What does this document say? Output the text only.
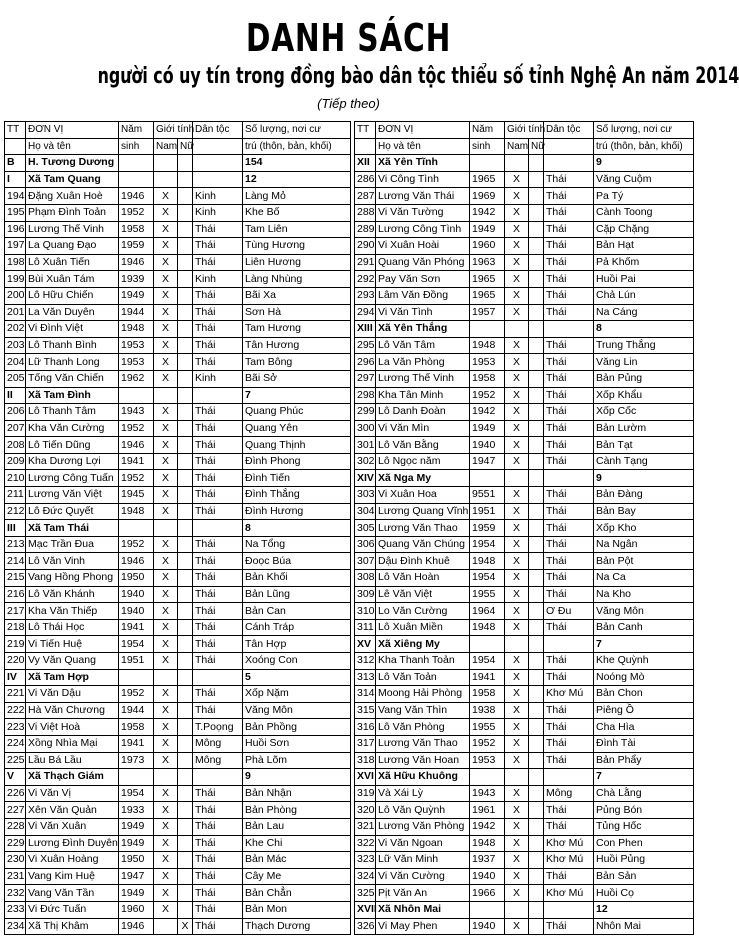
DANH SÁCH
người có uy tín trong đồng bào dân tộc thiểu số tỉnh Nghệ An năm 2014
(Tiếp theo)
TT	ĐƠN VỊ	Năm	Giới tính		Dân tộc	Số lượng, nơi cư
	Họ và tên	sinh	Nam	Nữ		trú (thôn, bản, khối)
B	H. Tương Dương					154
I	Xã Tam Quang					12
194	Đặng Xuân Hoè	1946	X		Kinh	Làng Mỏ
195	Phạm Đình Toản	1952	X		Kinh	Khe Bố
196	Lương Thế Vinh	1958	X		Thái	Tam Liên
197	La Quang Đạo	1959	X		Thái	Tùng Hương
198	Lô Xuân Tiến	1946	X		Thái	Liên Hương
199	Bùi Xuân Tám	1939	X		Kinh	Làng Nhùng
200	Lô Hữu Chiến	1949	X		Thái	Bãi Xa
201	La Văn Duyên	1944	X		Thái	Sơn Hà
202	Vi Đình Việt	1948	X		Thái	Tam Hương
203	Lô Thanh Bình	1953	X		Thái	Tân Hương
204	Lữ Thanh Long	1953	X		Thái	Tam Bông
205	Tống Văn Chiến	1962	X		Kinh	Bãi Sở
II	Xã Tam Đình					7
206	Lô Thanh Tâm	1943	X		Thái	Quang Phúc
207	Kha Văn Cường	1952	X		Thái	Quang Yên
208	Lô Tiến Dũng	1946	X		Thái	Quang Thịnh
209	Kha Dương Lợi	1941	X		Thái	Đình Phong
210	Lương Công Tuấn	1952	X		Thái	Đình Tiến
211	Lương Văn Việt	1945	X		Thái	Đình Thắng
212	Lô Đức Quyết	1948	X		Thái	Đình Hương
III	Xã Tam Thái					8
213	Mạc Trần Đua	1952	X		Thái	Na Tổng
214	Lô Văn Vinh	1946	X		Thái	Đoọc Búa
215	Vang Hồng Phong	1950	X		Thái	Bản Khối
216	Lô Văn Khánh	1940	X		Thái	Bản Lũng
217	Kha Văn Thiếp	1940	X		Thái	Bản Can
218	Lô Thái Học	1941	X		Thái	Cánh Tráp
219	Vi Tiến Huệ	1954	X		Thái	Tân Hợp
220	Vy Văn Quang	1951	X		Thái	Xoóng Con
IV	Xã Tam Hợp					5
221	Vi Văn Dậu	1952	X		Thái	Xốp Nặm
222	Hà Văn Chương	1944	X		Thái	Văng Môn
223	Vi Việt Hoà	1958	X		T.Poọng	Bản Phồng
224	Xồng Nhìa Mại	1941	X		Mông	Huồi Sơn
225	Lầu Bá Lầu	1973	X		Mông	Phà Lõm
V	Xã Thạch Giám					9
226	Vi Văn Vị	1954	X		Thái	Bản Nhận
227	Xên Văn Quản	1933	X		Thái	Bản Phòng
228	Vi Văn Xuân	1949	X		Thái	Bản Lau
229	Lương Đình Duyên	1949	X		Thái	Khe Chi
230	Vi Xuân Hoàng	1950	X		Thái	Bản Mác
231	Vang Kim Huệ	1947	X		Thái	Cây Me
232	Vang Văn Tần	1949	X		Thái	Bản Chẳn
233	Vi Đức Tuấn	1960	X		Thái	Bản Mon
234	Xã Thị Khâm	1946		X	Thái	Thạch Dương
TT	ĐƠN VỊ	Năm	Giới tính		Dân tộc	Số lượng, nơi cư
	Họ và tên	sinh	Nam	Nữ		trú (thôn, bản, khối)
XII	Xã Yên Tĩnh					9
286	Vi Công Tình	1965	X		Thái	Văng Cuộm
287	Lương Văn Thái	1969	X		Thái	Pa Tý
288	Vi Văn Tường	1942	X		Thái	Cành Toong
289	Lương Công Tình	1949	X		Thái	Cặp Chặng
290	Vi Xuân Hoài	1960	X		Thái	Bản Hạt
291	Quang Văn Phóng	1963	X		Thái	Pả Khốm
292	Pay Văn Sơn	1965	X		Thái	Huồi Pai
293	Lâm Văn Đồng	1965	X		Thái	Chả Lún
294	Vi Văn Tình	1957	X		Thái	Na Cáng
XIII	Xã Yên Thắng					8
295	Lô Văn Tâm	1948	X		Thái	Trung Thắng
296	La Văn Phòng	1953	X		Thái	Văng Lin
297	Lương Thế Vinh	1958	X		Thái	Bản Pủng
298	Kha Tân Minh	1952	X		Thái	Xốp Khẩu
299	Lô Danh Đoàn	1942	X		Thái	Xốp Cốc
300	Vi Văn Mìn	1949	X		Thái	Bản Lườm
301	Lô Văn Bằng	1940	X		Thái	Bản Tạt
302	Lô Ngọc năm	1947	X		Thái	Cành Tạng
XIV	Xã Nga My					9
303	Vi Xuân Hoa	9551	X		Thái	Bản Đàng
304	Lương Quang Vĩnh	1951	X		Thái	Bản Bay
305	Lương Văn Thao	1959	X		Thái	Xốp Kho
306	Quang Văn Chúng	1954	X		Thái	Na Ngân
307	Dậu Đình Khuê	1948	X		Thái	Bản Pột
308	Lô Văn Hoàn	1954	X		Thái	Na Ca
309	Lê Văn Việt	1955	X		Thái	Na Kho
310	Lo Văn Cường	1964	X		Ơ Đu	Văng Môn
311	Lô Xuân Miền	1948	X		Thái	Bản Canh
XV	Xã Xiêng My					7
312	Kha Thanh Toản	1954	X		Thái	Khe Quỳnh
313	Lô Văn Toản	1941	X		Thái	Noóng Mò
314	Moong Hải Phòng	1958	X		Khơ Mú	Bản Chon
315	Vang Văn Thìn	1938	X		Thái	Piêng Ồ
316	Lô Văn Phòng	1955	X		Thái	Cha Hìa
317	Lương Văn Thao	1952	X		Thái	Đình Tài
318	Lương Văn Hoan	1953	X		Thái	Bản Phẩy
XVI	Xã Hữu Khuông					7
319	Và Xái Lỳ	1943	X		Mông	Chà Lằng
320	Lô Văn Quỳnh	1961	X		Thái	Pủng Bón
321	Lương Văn Phòng	1942	X		Thái	Tủng Hốc
322	Vi Văn Ngoan	1948	X		Khơ Mú	Con Phen
323	Lữ Văn Minh	1937	X		Khơ Mú	Huồi Pủng
324	Vi Văn Cường	1940	X		Thái	Bản Sản
325	Pịt Văn An	1966	X		Khơ Mú	Huồi Cọ
XVII	Xã Nhôn Mai					12
326	Vi May Phen	1940	X		Thái	Nhôn Mai
